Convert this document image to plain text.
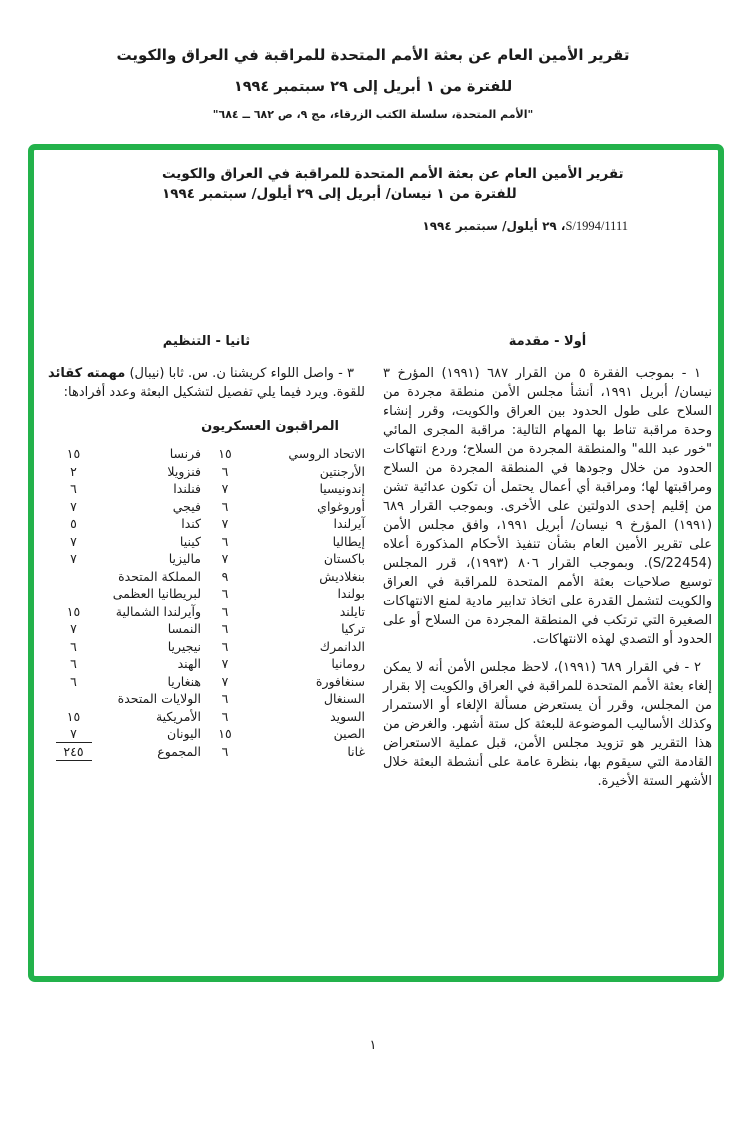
تقرير الأمين العام عن بعثة الأمم المتحدة للمراقبة في العراق والكويت
للفترة من ١ أبريل إلى ٢٩ سبتمبر ١٩٩٤
"الأمم المتحدة، سلسلة الكتب الزرقاء، مج ٩، ص ٦٨٢ ــ ٦٨٤"
تقرير الأمين العام عن بعثة الأمم المتحدة للمراقبة في العراق والكويت
للفترة من ١ نيسان/ أبريل إلى ٢٩ أيلول/ سبتمبر ١٩٩٤
S/1994/1111، ٢٩ أيلول/ سبتمبر ١٩٩٤
أولا - مقدمة

١ - بموجب الفقرة ٥ من القرار ٦٨٧ (١٩٩١) المؤرخ ٣ نيسان/ أبريل ١٩٩١، أنشأ مجلس الأمن منطقة مجردة من السلاح على طول الحدود بين العراق والكويت، وقرر إنشاء وحدة مراقبة تناط بها المهام التالية: مراقبة المجرى المائي "خور عبد الله" والمنطقة المجردة من السلاح؛ وردع انتهاكات الحدود من خلال وجودها في المنطقة المجردة من السلاح ومراقبتها لها؛ ومراقبة أي أعمال يحتمل أن تكون عدائية تشن من إقليم إحدى الدولتين على الأخرى. وبموجب القرار ٦٨٩ (١٩٩١) المؤرخ ٩ نيسان/ أبريل ١٩٩١، وافق مجلس الأمن على تقرير الأمين العام بشأن تنفيذ الأحكام المذكورة أعلاه (S/22454). وبموجب القرار ٨٠٦ (١٩٩٣)، قرر المجلس توسيع صلاحيات بعثة الأمم المتحدة للمراقبة في العراق والكويت لتشمل القدرة على اتخاذ تدابير مادية لمنع الانتهاكات الصغيرة التي ترتكب في المنطقة المجردة من السلاح أو على الحدود أو التصدي لهذه الانتهاكات.

٢ - في القرار ٦٨٩ (١٩٩١)، لاحظ مجلس الأمن أنه لا يمكن إلغاء بعثة الأمم المتحدة للمراقبة في العراق والكويت إلا بقرار من المجلس، وقرر أن يستعرض مسألة الإلغاء أو الاستمرار وكذلك الأساليب الموضوعة للبعثة كل ستة أشهر. والغرض من هذا التقرير هو تزويد مجلس الأمن، قبل عملية الاستعراض القادمة التي سيقوم بها، بنظرة عامة على أنشطة البعثة خلال الأشهر الستة الأخيرة.

ثانيا - التنظيم

٣ - واصل اللواء كريشنا ن. س. ثابا (نيبال) مهمته كقائد للقوة. ويرد فيما يلي تفصيل لتشكيل البعثة وعدد أفرادها:

المراقبون العسكريون
الاتحاد الروسي
١٥
فرنسا
١٥
الأرجنتين
٦
فنزويلا
٢
إندونيسيا
٧
فنلندا
٦
أوروغواي
٦
فيجي
٧
آيرلندا
٧
كندا
٥
إيطاليا
٦
كينيا
٧
باكستان
٧
ماليزيا
٧
بنغلاديش
٩
المملكة المتحدة
بولندا
٦
لبريطانيا العظمى
تايلند
٦
وآيرلندا الشمالية
١٥
تركيا
٦
النمسا
٧
الدانمرك
٦
نيجيريا
٦
رومانيا
٧
الهند
٦
سنغافورة
٧
هنغاريا
٦
السنغال
٦
الولايات المتحدة
السويد
٦
الأمريكية
١٥
الصين
١٥
اليونان
٧
غانا
٦
المجموع
٢٤٥
١
